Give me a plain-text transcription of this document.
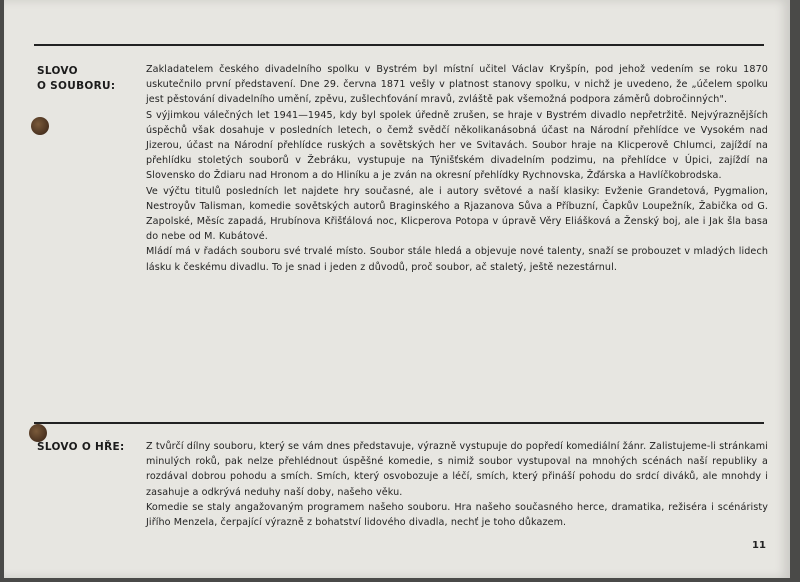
SLOVO
O SOUBORU:

Zakladatelem českého divadelního spolku v Bystrém byl místní učitel Václav Kryšpín, pod jehož vedením se roku 1870 uskutečnilo první představení. Dne 29. června 1871 vešly v platnost stanovy spolku, v nichž je uvedeno, že „účelem spolku jest pěstování divadelního umění, zpěvu, zušlechťování mravů, zvláště pak všemožná podpora záměrů dobročinných".

S výjimkou válečných let 1941—1945, kdy byl spolek úředně zrušen, se hraje v Bystrém divadlo nepřetržitě. Nejvýraznějších úspěchů však dosahuje v posledních letech, o čemž svědčí několikanásobná účast na Národní přehlídce ve Vysokém nad Jizerou, účast na Národní přehlídce ruských a sovětských her ve Svitavách. Soubor hraje na Klicperově Chlumci, zajíždí na přehlídku stoletých souborů v Žebráku, vystupuje na Týnišťském divadelním podzimu, na přehlídce v Úpici, zajíždí na Slovensko do Ždiaru nad Hronom a do Hliníku a je zván na okresní přehlídky Rychnovska, Žďárska a Havlíčkobrodska.

Ve výčtu titulů posledních let najdete hry současné, ale i autory světové a naší klasiky: Evženie Grandetová, Pygmalion, Nestroyův Talisman, komedie sovětských autorů Braginského a Rjazanova Sůva a Příbuzní, Čapkův Loupežník, Žabička od G. Zapolské, Měsíc zapadá, Hrubínova Křišťálová noc, Klicperova Potopa v úpravě Věry Eliášková a Ženský boj, ale i Jak šla basa do nebe od M. Kubátové.

Mládí má v řadách souboru své trvalé místo. Soubor stále hledá a objevuje nové talenty, snaží se probouzet v mladých lidech lásku k českému divadlu. To je snad i jeden z důvodů, proč soubor, ač staletý, ještě nezestárnul.

SLOVO O HŘE: Z tvůrčí dílny souboru, který se vám dnes představuje, výrazně vystupuje do popředí komediální žánr. Zalistujeme-li stránkami minulých roků, pak nelze přehlédnout úspěšné komedie, s nimiž soubor vystupoval na mnohých scénách naší republiky a rozdával dobrou pohodu a smích. Smích, který osvobozuje a léčí, smích, který přináší pohodu do srdcí diváků, ale mnohdy i zasahuje a odkrývá neduhy naší doby, našeho věku.

Komedie se staly angažovaným programem našeho souboru. Hra našeho současného herce, dramatika, režiséra i scénáristy Jiřího Menzela, čerpající výrazně z bohatství lidového divadla, nechť je toho důkazem.

11
